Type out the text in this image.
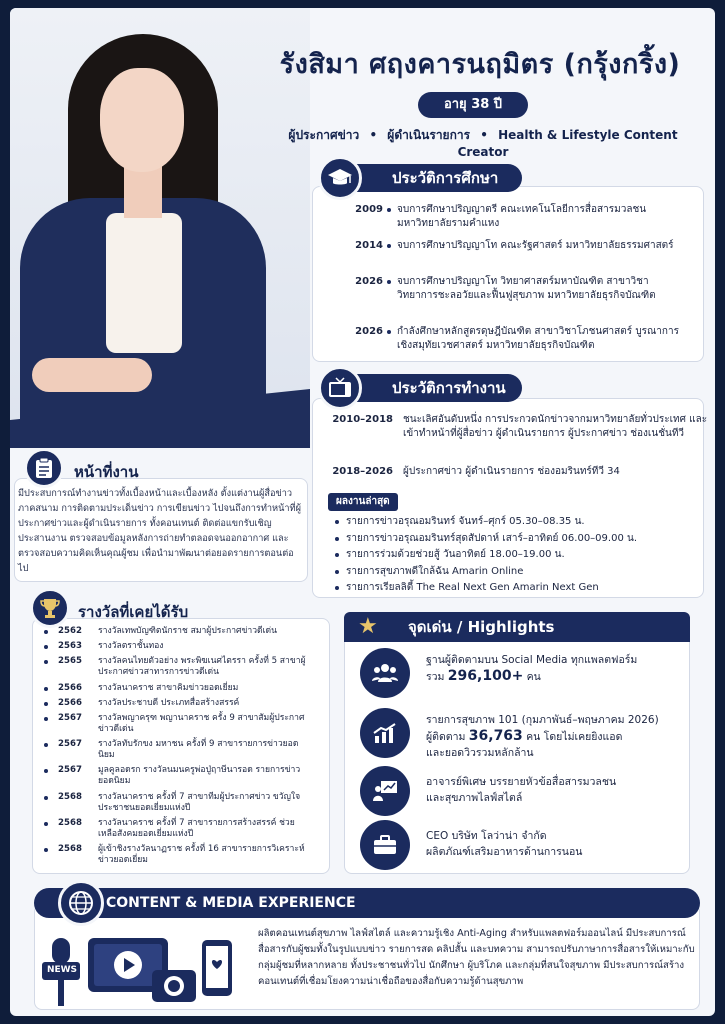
รังสิมา ศฤงคารนฤมิตร (กรุ้งกริ้ง)
อายุ 38 ปี
ผู้ประกาศข่าว • ผู้ดำเนินรายการ • Health & Lifestyle Content Creator
2009 จบการศึกษาปริญญาตรี คณะเทคโนโลยีการสื่อสารมวลชน มหาวิทยาลัยรามคำแหง
2014 จบการศึกษาปริญญาโท คณะรัฐศาสตร์ มหาวิทยาลัยธรรมศาสตร์
2026 จบการศึกษาปริญญาโท วิทยาศาสตร์มหาบัณฑิต สาขาวิชาวิทยาการชะลอวัยและฟื้นฟูสุขภาพ มหาวิทยาลัยธุรกิจบัณฑิต
2026 กำลังศึกษาหลักสูตรดุษฎีบัณฑิต สาขาวิชาโภชนศาสตร์ บูรณาการเชิงสมุทัยเวชศาสตร์ มหาวิทยาลัยธุรกิจบัณฑิต
ประวัติการศึกษา
2010–2018 ชนะเลิศอันดับหนึ่ง การประกวดนักข่าวจากมหาวิทยาลัยทั่วประเทศ และเข้าทำหน้าที่ผู้สื่อข่าว ผู้ดำเนินรายการ ผู้ประกาศข่าว ช่องเนชั่นทีวี
2018–2026 ผู้ประกาศข่าว ผู้ดำเนินรายการ ช่องอมรินทร์ทีวี 34
ประวัติการทำงาน
ผลงานล่าสุด
รายการข่าวอรุณอมรินทร์ จันทร์–ศุกร์ 05.30–08.35 น.
รายการข่าวอรุณอมรินทร์สุดสัปดาห์ เสาร์–อาทิตย์ 06.00–09.00 น.
รายการร่วมด้วยช่วยสู้ วันอาทิตย์ 18.00–19.00 น.
รายการสุขภาพดีใกล้ฉัน Amarin Online
รายการเรียลลิตี้ The Real Next Gen Amarin Next Gen
หน้าที่งาน
มีประสบการณ์ทำงานข่าวทั้งเบื้องหน้าและเบื้องหลัง ตั้งแต่งานผู้สื่อข่าวภาคสนาม การติดตามประเด็นข่าว การเขียนข่าว ไปจนถึงการทำหน้าที่ผู้ประกาศข่าวและผู้ดำเนินรายการ ทั้งคอนเทนต์ ติดต่อแขกรับเชิญ ประสานงาน ตรวจสอบข้อมูลหลังการถ่ายทำตลอดจนออกอากาศ และตรวจสอบความคิดเห็นคุณผู้ชม เพื่อนำมาพัฒนาต่อยอดรายการตอนต่อไป
รางวัลที่เคยได้รับ
2562	รางวัลเทพบัญฑิตนักราช สมาผู้ประกาศข่าวดีเด่น
2563	รางวัลตราชั้นทอง
2565	รางวัลคนไทยตัวอย่าง พระพิฆเนศไตรรา ครั้งที่ 5 สาขาผู้ประกาศข่าวสาทารการข่าวดีเด่น
2566	รางวัลนาคราช สาขาคิมข่าวยอดเยี่ยม
2566	รางวัลประชาบดี ประเภทสื่อสร้างสรรค์
2567	รางวัลพญาครุฑ พญานาคราช ครั้ง 9 สาขาสัมผู้ประกาศข่าวดีเด่น
2567	รางวัลทับรักขง มหาชน ครั้งที่ 9 สาขารายการข่าวยอดนิยม
2567	มูลคูลอดรก รางวัลนมนครูพ่อปู่ฤาษีนารอด รายการข่าวยอดนิยม
2568	รางวัลนาคราช ครั้งที่ 7 สาขาทีมผู้ประกาศข่าว ขวัญใจประชาชนยอดเยี่ยมแห่งปี
2568	รางวัลนาคราช ครั้งที่ 7 สาขารายการสร้างสรรค์ ช่วยเหลือสังคมยอดเยี่ยมแห่งปี
2568	ผู้เข้าชิงรางวัลนาฏราช ครั้งที่ 16 สาขารายการวิเคราะห์ข่าวยอดเยี่ยม
จุดเด่น / Highlights
★
ฐานผู้ติดตามบน Social Media ทุกแพลตฟอร์ม
รวม 296,100+ คน
รายการสุขภาพ 101 (กุมภาพันธ์–พฤษภาคม 2026)
ผู้ติดตาม 36,763 คน โดยไม่เคยยิงแอด
และยอดวิวรวมหลักล้าน
อาจารย์พิเศษ บรรยายหัวข้อสื่อสารมวลชน
และสุขภาพไลฟ์สไตล์
CEO บริษัท โลว่าน่า จำกัด
ผลิตภัณฑ์เสริมอาหารด้านการนอน
CONTENT & MEDIA EXPERIENCE
NEWS
ผลิตคอนเทนต์สุขภาพ ไลฟ์สไตล์ และความรู้เชิง Anti-Aging สำหรับแพลตฟอร์มออนไลน์ มีประสบการณ์สื่อสารกับผู้ชมทั้งในรูปแบบข่าว รายการสด คลิปสั้น และบทความ สามารถปรับภาษาการสื่อสารให้เหมาะกับกลุ่มผู้ชมที่หลากหลาย ทั้งประชาชนทั่วไป นักศึกษา ผู้บริโภค และกลุ่มที่สนใจสุขภาพ มีประสบการณ์สร้างคอนเทนต์ที่เชื่อมโยงความน่าเชื่อถือของสื่อกับความรู้ด้านสุขภาพ
